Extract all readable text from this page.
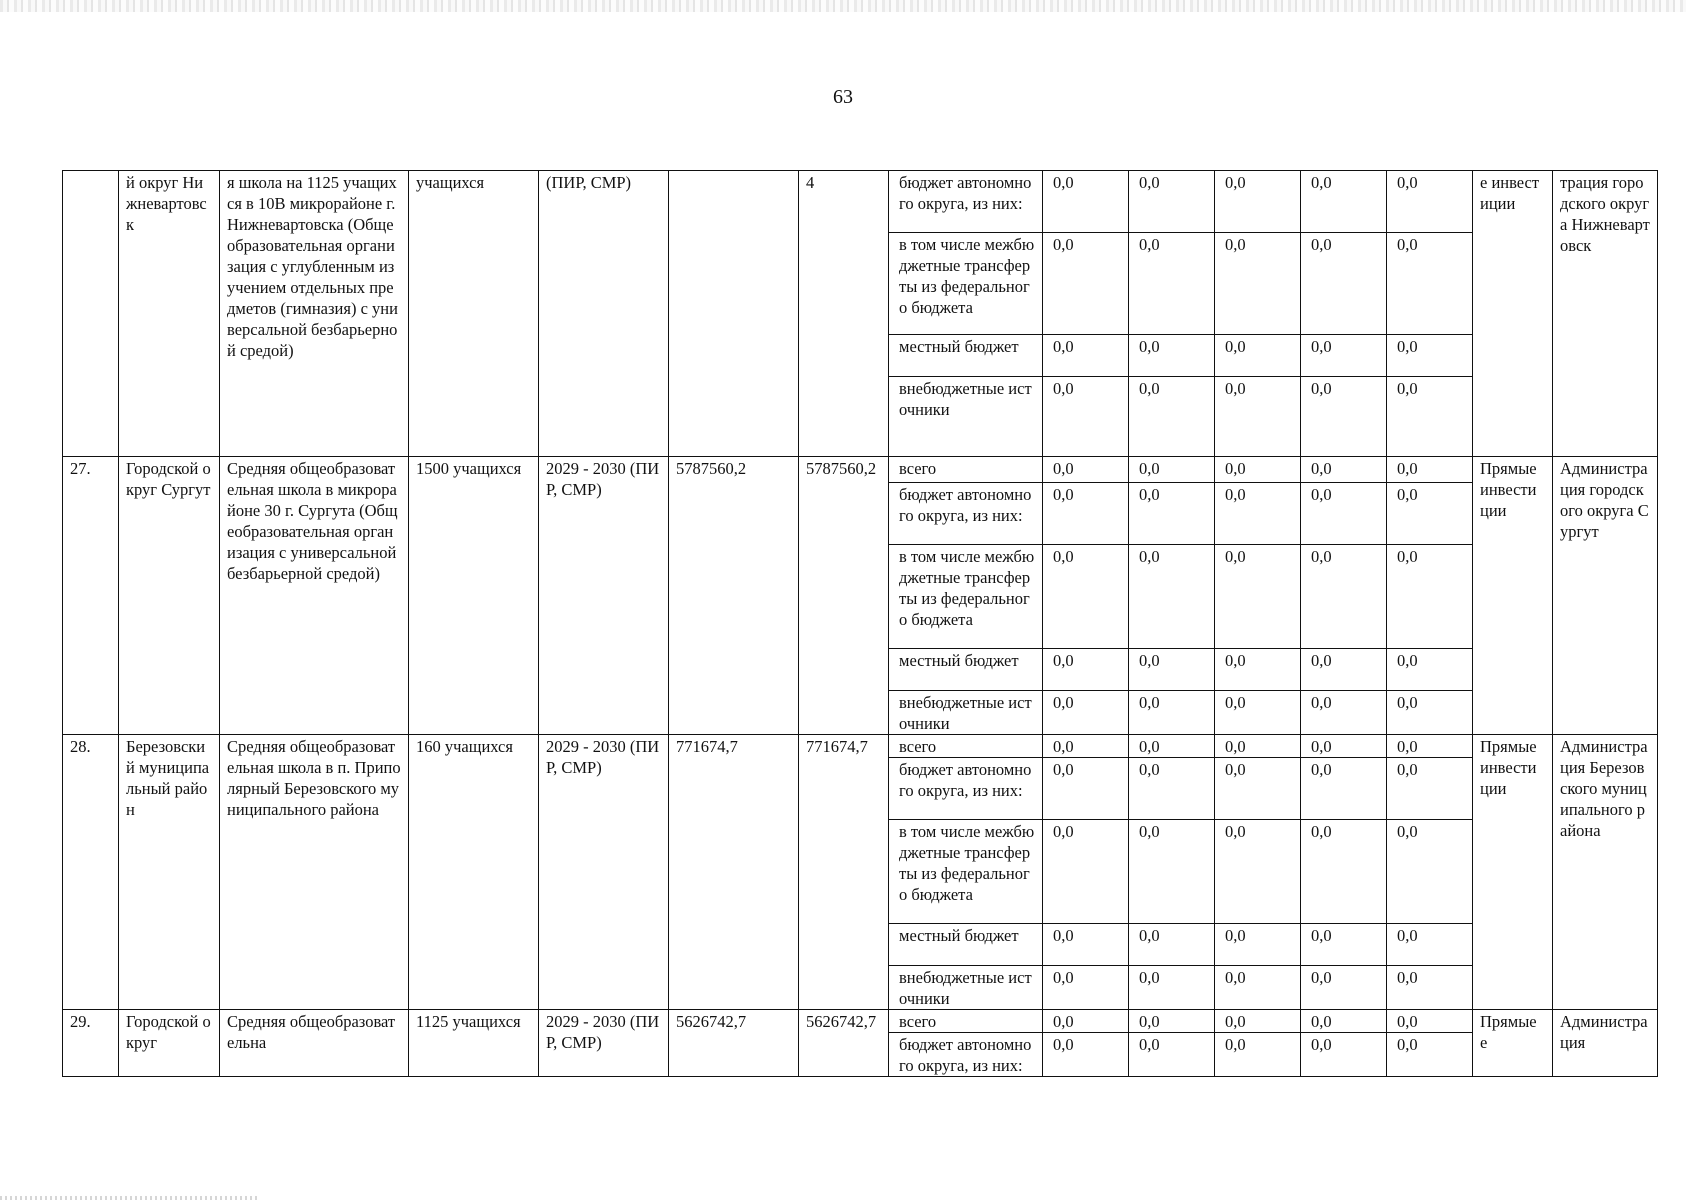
63
	й округ Нижневартовск	я школа на 1125 учащихся в 10В микрорайоне г. Нижневартовска (Общеобразовательная организация с углубленным изучением отдельных предметов (гимназия) с универсальной безбарьерной средой)	учащихся	(ПИР, СМР)		4	бюджет автономного округа, из них:	0,0	0,0	0,0	0,0	0,0	е инвестиции	трация городского округа Нижневартовск
							в том числе межбюджетные трансферты из федерального бюджета	0,0	0,0	0,0	0,0	0,0		
							местный бюджет	0,0	0,0	0,0	0,0	0,0		
							внебюджетные источники	0,0	0,0	0,0	0,0	0,0		
27.	Городской округ Сургут	Средняя общеобразовательная школа в микрорайоне 30 г. Сургута (Общеобразовательная организация с универсальной безбарьерной средой)	1500 учащихся	2029 - 2030 (ПИР, СМР)	5787560,2	5787560,2	всего	0,0	0,0	0,0	0,0	0,0	Прямые инвестиции	Администрация городского округа Сургут
							бюджет автономного округа, из них:	0,0	0,0	0,0	0,0	0,0		
							в том числе межбюджетные трансферты из федерального бюджета	0,0	0,0	0,0	0,0	0,0		
							местный бюджет	0,0	0,0	0,0	0,0	0,0		
							внебюджетные источники	0,0	0,0	0,0	0,0	0,0		
28.	Березовский муниципальный район	Средняя общеобразовательная школа в п. Приполярный Березовского муниципального района	160 учащихся	2029 - 2030 (ПИР, СМР)	771674,7	771674,7	всего	0,0	0,0	0,0	0,0	0,0	Прямые инвестиции	Администрация Березовского муниципального района
							бюджет автономного округа, из них:	0,0	0,0	0,0	0,0	0,0		
							в том числе межбюджетные трансферты из федерального бюджета	0,0	0,0	0,0	0,0	0,0		
							местный бюджет	0,0	0,0	0,0	0,0	0,0		
							внебюджетные источники	0,0	0,0	0,0	0,0	0,0		
29.	Городской округ	Средняя общеобразовательна	1125 учащихся	2029 - 2030 (ПИР, СМР)	5626742,7	5626742,7	всего	0,0	0,0	0,0	0,0	0,0	Прямые е	Администрация
							бюджет автономного округа, из них:	0,0	0,0	0,0	0,0	0,0		
